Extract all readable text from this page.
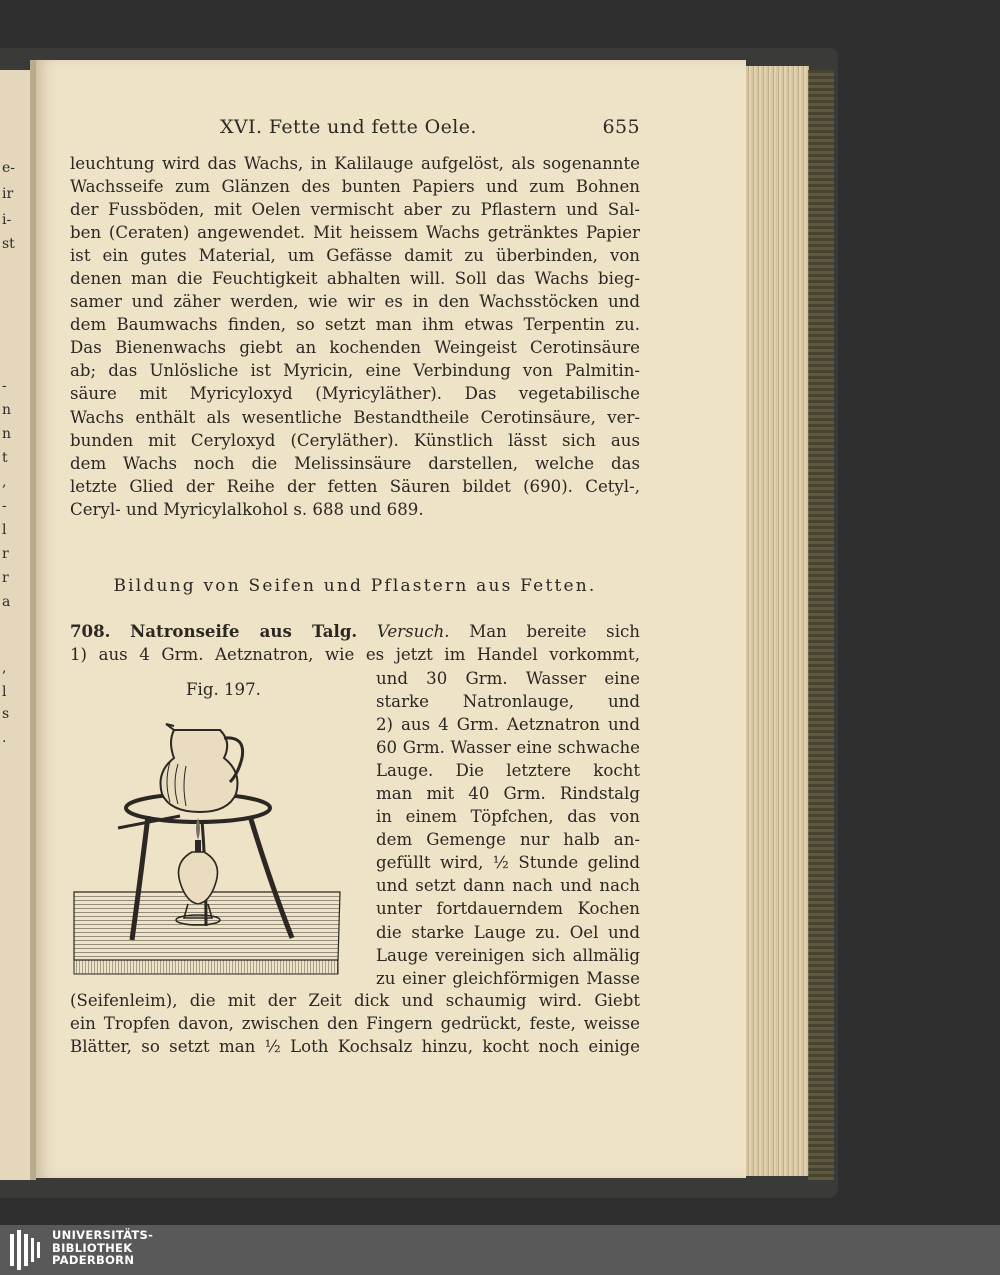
e-
ir
i-
st
-
n
n
t
,
-
l
r
r
a
,
l
s
.
XVI. Fette und fette Oele.	655
leuchtung wird das Wachs, in Kalilauge aufgelöst, als sogenannte
Wachsseife zum Glänzen des bunten Papiers und zum Bohnen
der Fussböden, mit Oelen vermischt aber zu Pflastern und Sal-
ben (Ceraten) angewendet. Mit heissem Wachs getränktes Papier
ist ein gutes Material, um Gefässe damit zu überbinden, von
denen man die Feuchtigkeit abhalten will. Soll das Wachs bieg-
samer und zäher werden, wie wir es in den Wachsstöcken und
dem Baumwachs finden, so setzt man ihm etwas Terpentin zu.
Das Bienenwachs giebt an kochenden Weingeist Cerotinsäure
ab; das Unlösliche ist Myricin, eine Verbindung von Palmitin-
säure mit Myricyloxyd (Myricyläther). Das vegetabilische
Wachs enthält als wesentliche Bestandtheile Cerotinsäure, ver-
bunden mit Ceryloxyd (Ceryläther). Künstlich lässt sich aus
dem Wachs noch die Melissinsäure darstellen, welche das
letzte Glied der Reihe der fetten Säuren bildet (690). Cetyl-,
Ceryl- und Myricylalkohol s. 688 und 689.
Bildung von Seifen und Pflastern aus Fetten.
708. Natronseife aus Talg. Versuch. Man bereite sich
1) aus 4 Grm. Aetznatron, wie es jetzt im Handel vorkommt,
Fig. 197.
und 30 Grm. Wasser eine
starke Natronlauge, und
2) aus 4 Grm. Aetznatron und
60 Grm. Wasser eine schwache
Lauge. Die letztere kocht
man mit 40 Grm. Rindstalg
in einem Töpfchen, das von
dem Gemenge nur halb an-
gefüllt wird, ½ Stunde gelind
und setzt dann nach und nach
unter fortdauerndem Kochen
die starke Lauge zu. Oel und
Lauge vereinigen sich allmälig
zu einer gleichförmigen Masse
(Seifenleim), die mit der Zeit dick und schaumig wird. Giebt
ein Tropfen davon, zwischen den Fingern gedrückt, feste, weisse
Blätter, so setzt man ½ Loth Kochsalz hinzu, kocht noch einige
UNIVERSITÄTS-
BIBLIOTHEK
PADERBORN
